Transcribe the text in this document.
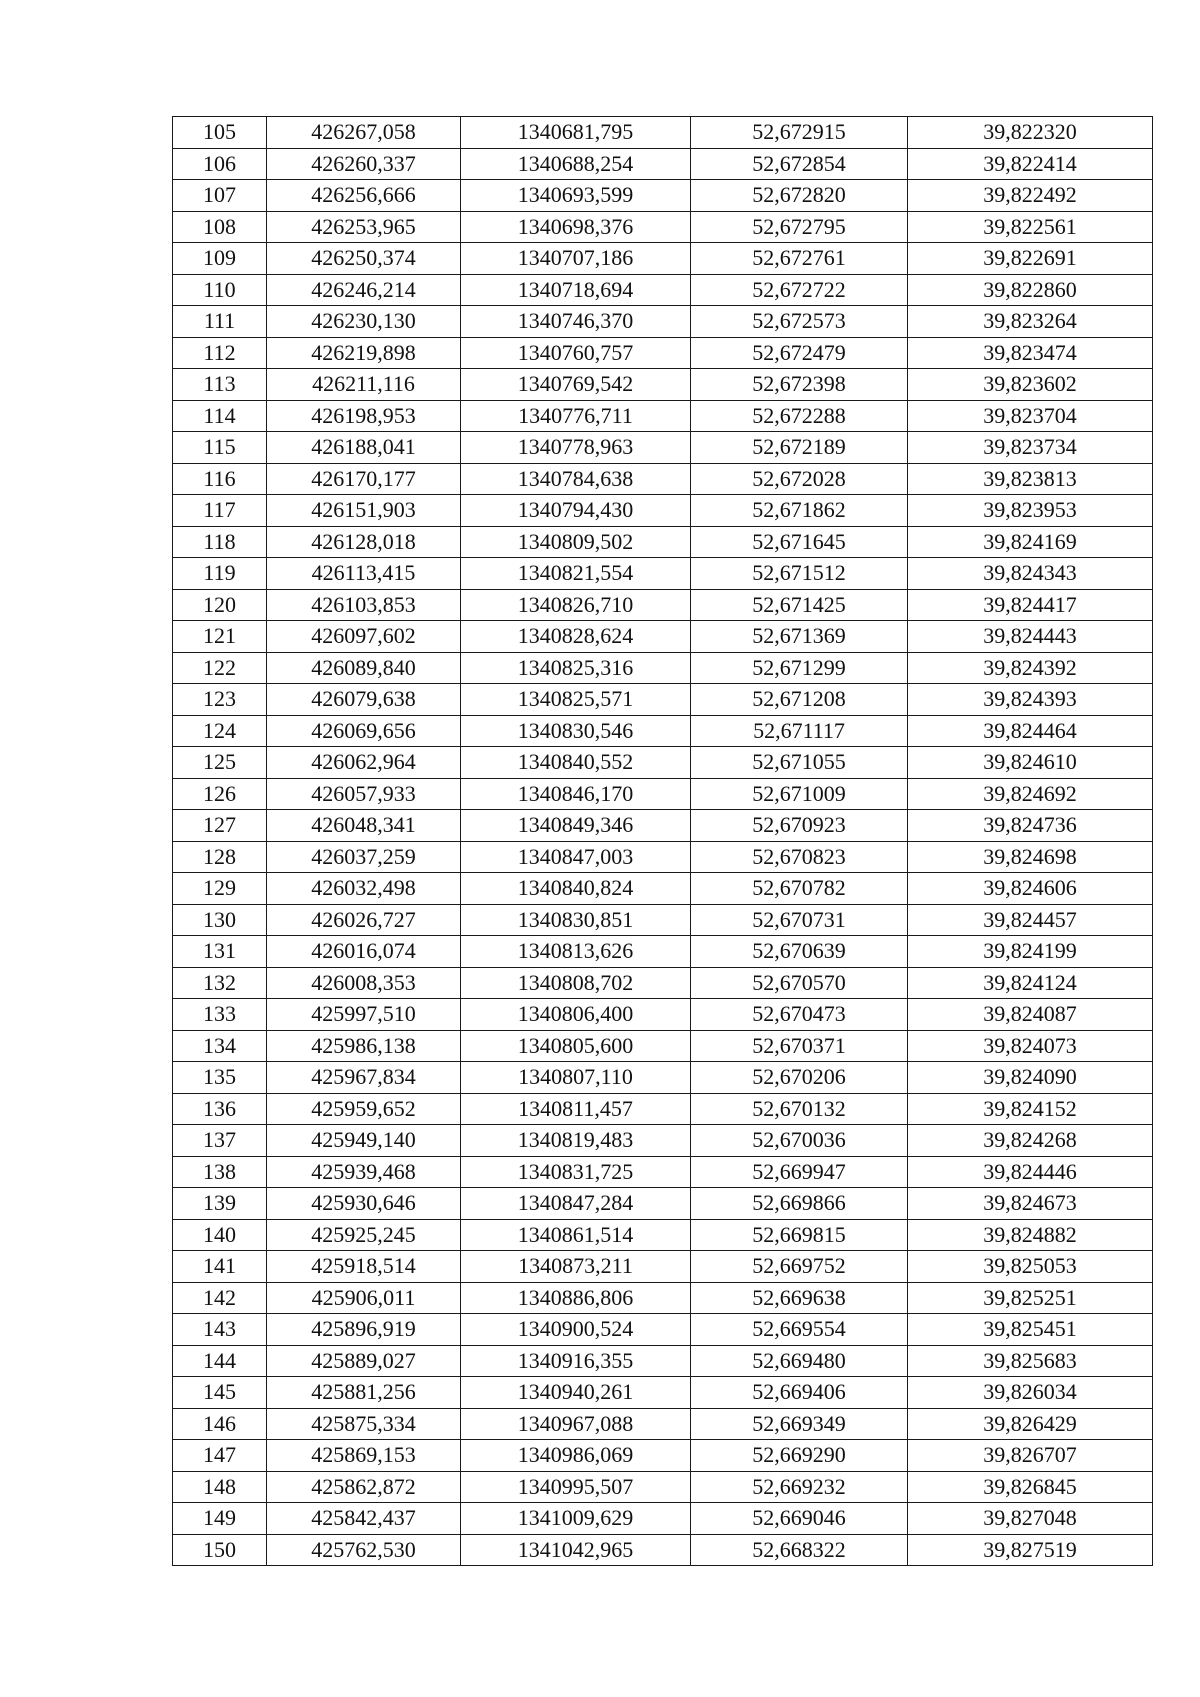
105	426267,058	1340681,795	52,672915	39,822320
106	426260,337	1340688,254	52,672854	39,822414
107	426256,666	1340693,599	52,672820	39,822492
108	426253,965	1340698,376	52,672795	39,822561
109	426250,374	1340707,186	52,672761	39,822691
110	426246,214	1340718,694	52,672722	39,822860
111	426230,130	1340746,370	52,672573	39,823264
112	426219,898	1340760,757	52,672479	39,823474
113	426211,116	1340769,542	52,672398	39,823602
114	426198,953	1340776,711	52,672288	39,823704
115	426188,041	1340778,963	52,672189	39,823734
116	426170,177	1340784,638	52,672028	39,823813
117	426151,903	1340794,430	52,671862	39,823953
118	426128,018	1340809,502	52,671645	39,824169
119	426113,415	1340821,554	52,671512	39,824343
120	426103,853	1340826,710	52,671425	39,824417
121	426097,602	1340828,624	52,671369	39,824443
122	426089,840	1340825,316	52,671299	39,824392
123	426079,638	1340825,571	52,671208	39,824393
124	426069,656	1340830,546	52,671117	39,824464
125	426062,964	1340840,552	52,671055	39,824610
126	426057,933	1340846,170	52,671009	39,824692
127	426048,341	1340849,346	52,670923	39,824736
128	426037,259	1340847,003	52,670823	39,824698
129	426032,498	1340840,824	52,670782	39,824606
130	426026,727	1340830,851	52,670731	39,824457
131	426016,074	1340813,626	52,670639	39,824199
132	426008,353	1340808,702	52,670570	39,824124
133	425997,510	1340806,400	52,670473	39,824087
134	425986,138	1340805,600	52,670371	39,824073
135	425967,834	1340807,110	52,670206	39,824090
136	425959,652	1340811,457	52,670132	39,824152
137	425949,140	1340819,483	52,670036	39,824268
138	425939,468	1340831,725	52,669947	39,824446
139	425930,646	1340847,284	52,669866	39,824673
140	425925,245	1340861,514	52,669815	39,824882
141	425918,514	1340873,211	52,669752	39,825053
142	425906,011	1340886,806	52,669638	39,825251
143	425896,919	1340900,524	52,669554	39,825451
144	425889,027	1340916,355	52,669480	39,825683
145	425881,256	1340940,261	52,669406	39,826034
146	425875,334	1340967,088	52,669349	39,826429
147	425869,153	1340986,069	52,669290	39,826707
148	425862,872	1340995,507	52,669232	39,826845
149	425842,437	1341009,629	52,669046	39,827048
150	425762,530	1341042,965	52,668322	39,827519
